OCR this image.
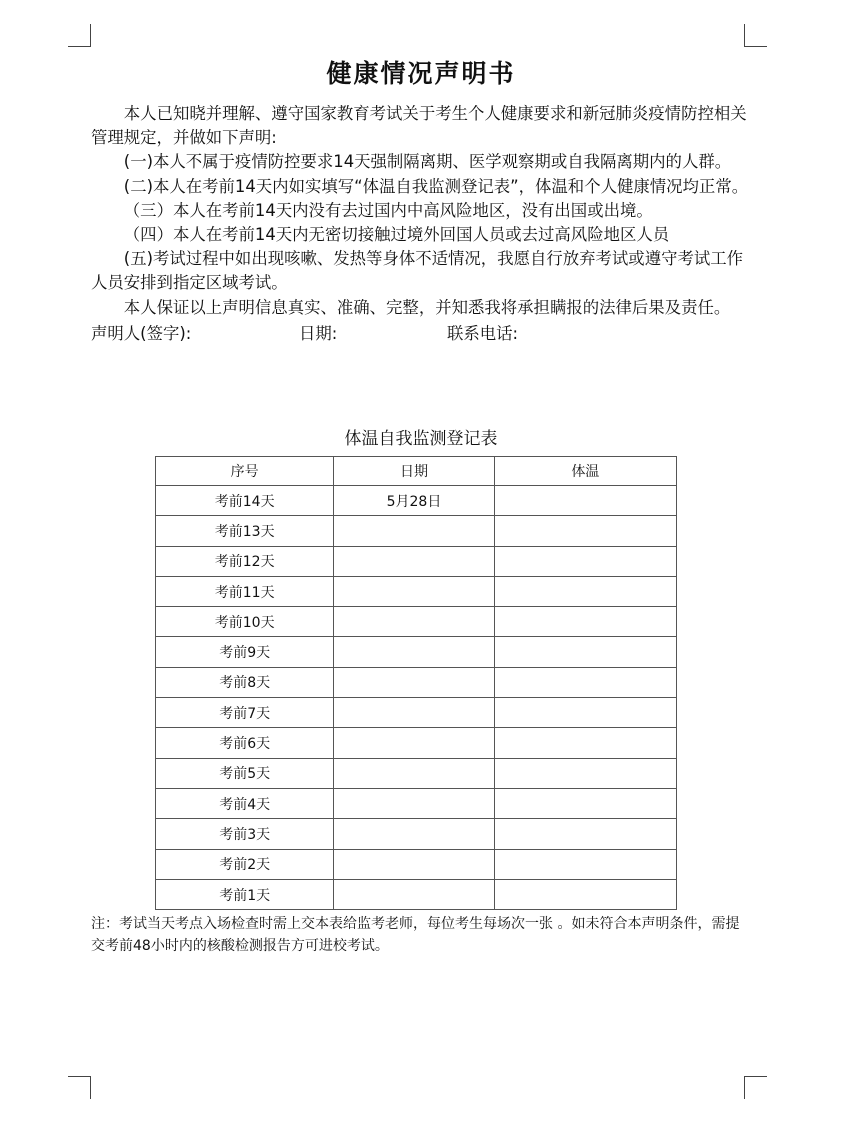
健康情况声明书

本人已知晓并理解、遵守国家教育考试关于考生个人健康要求和新冠肺炎疫情防控相关管理规定，并做如下声明:

(一)本人不属于疫情防控要求14天强制隔离期、医学观察期或自我隔离期内的人群。

(二)本人在考前14天内如实填写“体温自我监测登记表”，体温和个人健康情况均正常。

（三）本人在考前14天内没有去过国内中高风险地区，没有出国或出境。

（四）本人在考前14天内无密切接触过境外回国人员或去过高风险地区人员

(五)考试过程中如出现咳嗽、发热等身体不适情况，我愿自行放弃考试或遵守考试工作人员安排到指定区域考试。

本人保证以上声明信息真实、准确、完整，并知悉我将承担瞒报的法律后果及责任。

声明人(签字):	日期:	联系电话:
体温自我监测登记表
序号	日期	体温
考前14天	5月28日	
考前13天		
考前12天		
考前11天		
考前10天		
考前9天		
考前8天		
考前7天		
考前6天		
考前5天		
考前4天		
考前3天		
考前2天		
考前1天		
注：考试当天考点入场检查时需上交本表给监考老师，每位考生每场次一张 。如未符合本声明条件，需提交考前48小时内的核酸检测报告方可进校考试。
